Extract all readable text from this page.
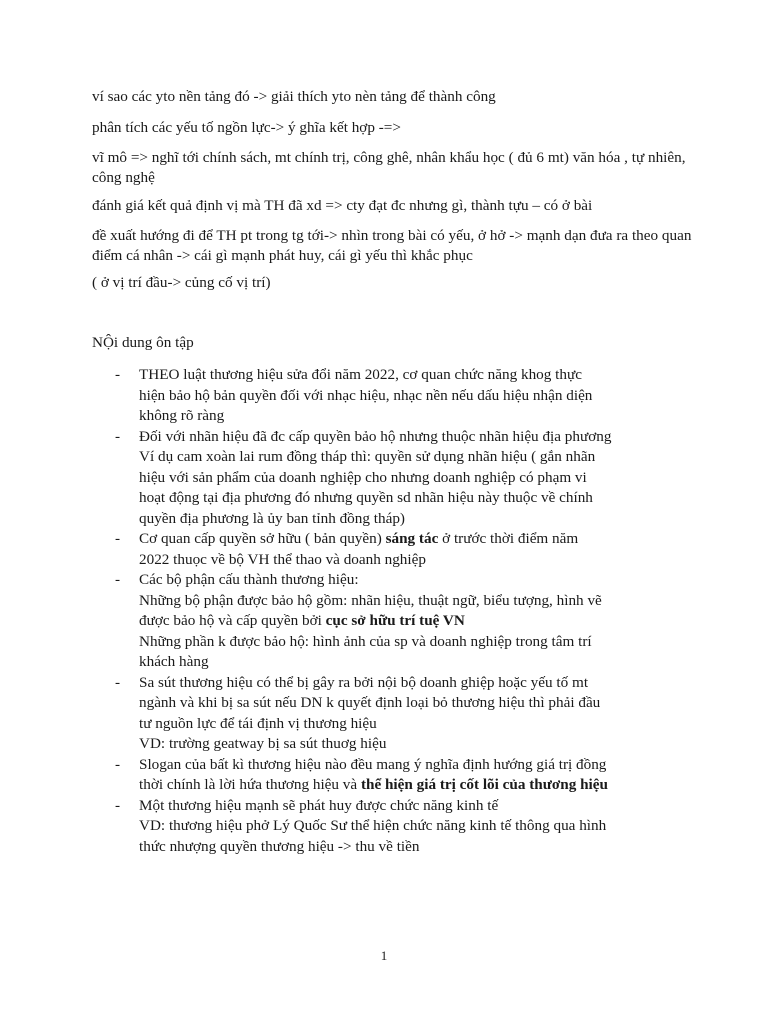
ví sao các yto nền tảng đó -> giải thích yto nèn tảng để thành công

phân tích các yếu tố ngồn lực-> ý ghĩa kết hợp -=>

vĩ mô => nghĩ tới chính sách, mt chính trị, công ghê, nhân khẩu học ( đủ 6 mt) văn hóa , tự nhiên, công nghệ

đánh giá kết quả định vị mà TH đã xd => cty đạt đc nhưng gì, thành tựu – có ở bài

đề xuất hướng đi để TH pt trong tg tới-> nhìn trong bài có yếu, ở hở -> mạnh dạn đưa ra theo quan điểm cá nhân -> cái gì mạnh phát huy, cái gì yếu thì khắc phục

( ở vị trí đầu-> củng cố vị trí)

NỘi dung ôn tập

- THEO luật thương hiệu sửa đổi năm 2022, cơ quan chức năng khog thực
hiện bảo hộ bản quyền đối với nhạc hiệu, nhạc nền nếu dấu hiệu nhận diện
không rõ ràng
- Đối với nhãn hiệu đã đc cấp quyền bảo hộ nhưng thuộc nhãn hiệu địa phương
Ví dụ cam xoàn lai rum đồng tháp thì: quyền sử dụng nhãn hiệu ( gắn nhãn
hiệu với sản phẩm của doanh nghiệp cho nhưng doanh nghiệp có phạm vi
hoạt động tại địa phương đó nhưng quyền sd nhãn hiệu này thuộc về chính
quyền địa phương là ủy ban tỉnh đồng tháp)
- Cơ quan cấp quyền sở hữu ( bản quyền) sáng tác ở trước thời điểm năm
2022 thuọc về bộ VH thể thao và doanh nghiệp
- Các bộ phận cấu thành thương hiệu:
Những bộ phận được bảo hộ gồm: nhãn hiệu, thuật ngữ, biểu tượng, hình vẽ
được bảo hộ và cấp quyền bởi cục sở hữu trí tuệ VN
Những phần k được bảo hộ: hình ảnh của sp và doanh nghiệp trong tâm trí
khách hàng
- Sa sút thương hiệu có thể bị gây ra bởi nội bộ doanh ghiệp hoặc yếu tố mt
ngành và khi bị sa sút nếu DN k quyết định loại bỏ thương hiệu thì phải đầu
tư nguồn lực để tái định vị thương hiệu
VD: trường geatway bị sa sút thuơg hiệu
- Slogan của bất kì thương hiệu nào đều mang ý nghĩa định hướng giá trị đồng
thời chính là lời hứa thương hiệu và thể hiện giá trị cốt lõi của thương hiệu
- Một thương hiệu mạnh sẽ phát huy được chức năng kinh tế
VD: thương hiệu phở Lý Quốc Sư thể hiện chức năng kinh tế thông qua hình
thức nhượng quyền thương hiệu -> thu về tiền
1
